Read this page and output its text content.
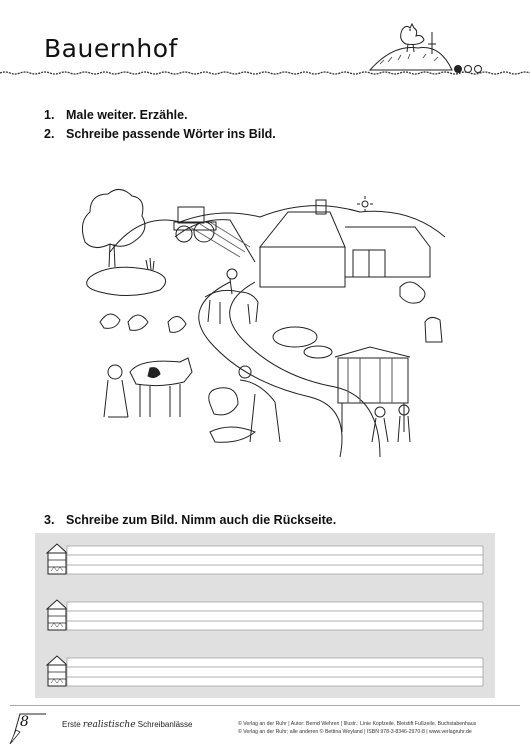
Bauernhof
1. Male weiter. Erzähle.
2. Schreibe passende Wörter ins Bild.
3. Schreibe zum Bild. Nimm auch die Rückseite.
8	Erste realistische Schreibanlässe	© Verlag an der Ruhr | Autor: Bernd Wehren | Illustr.: Linie Kopfzeile, Bleistift Fußzeile, Buchstabenhaus
© Verlag an der Ruhr; alle anderen © Bettina Weyland | ISBN 978-3-8346-2970-8 | www.verlagruhr.de
